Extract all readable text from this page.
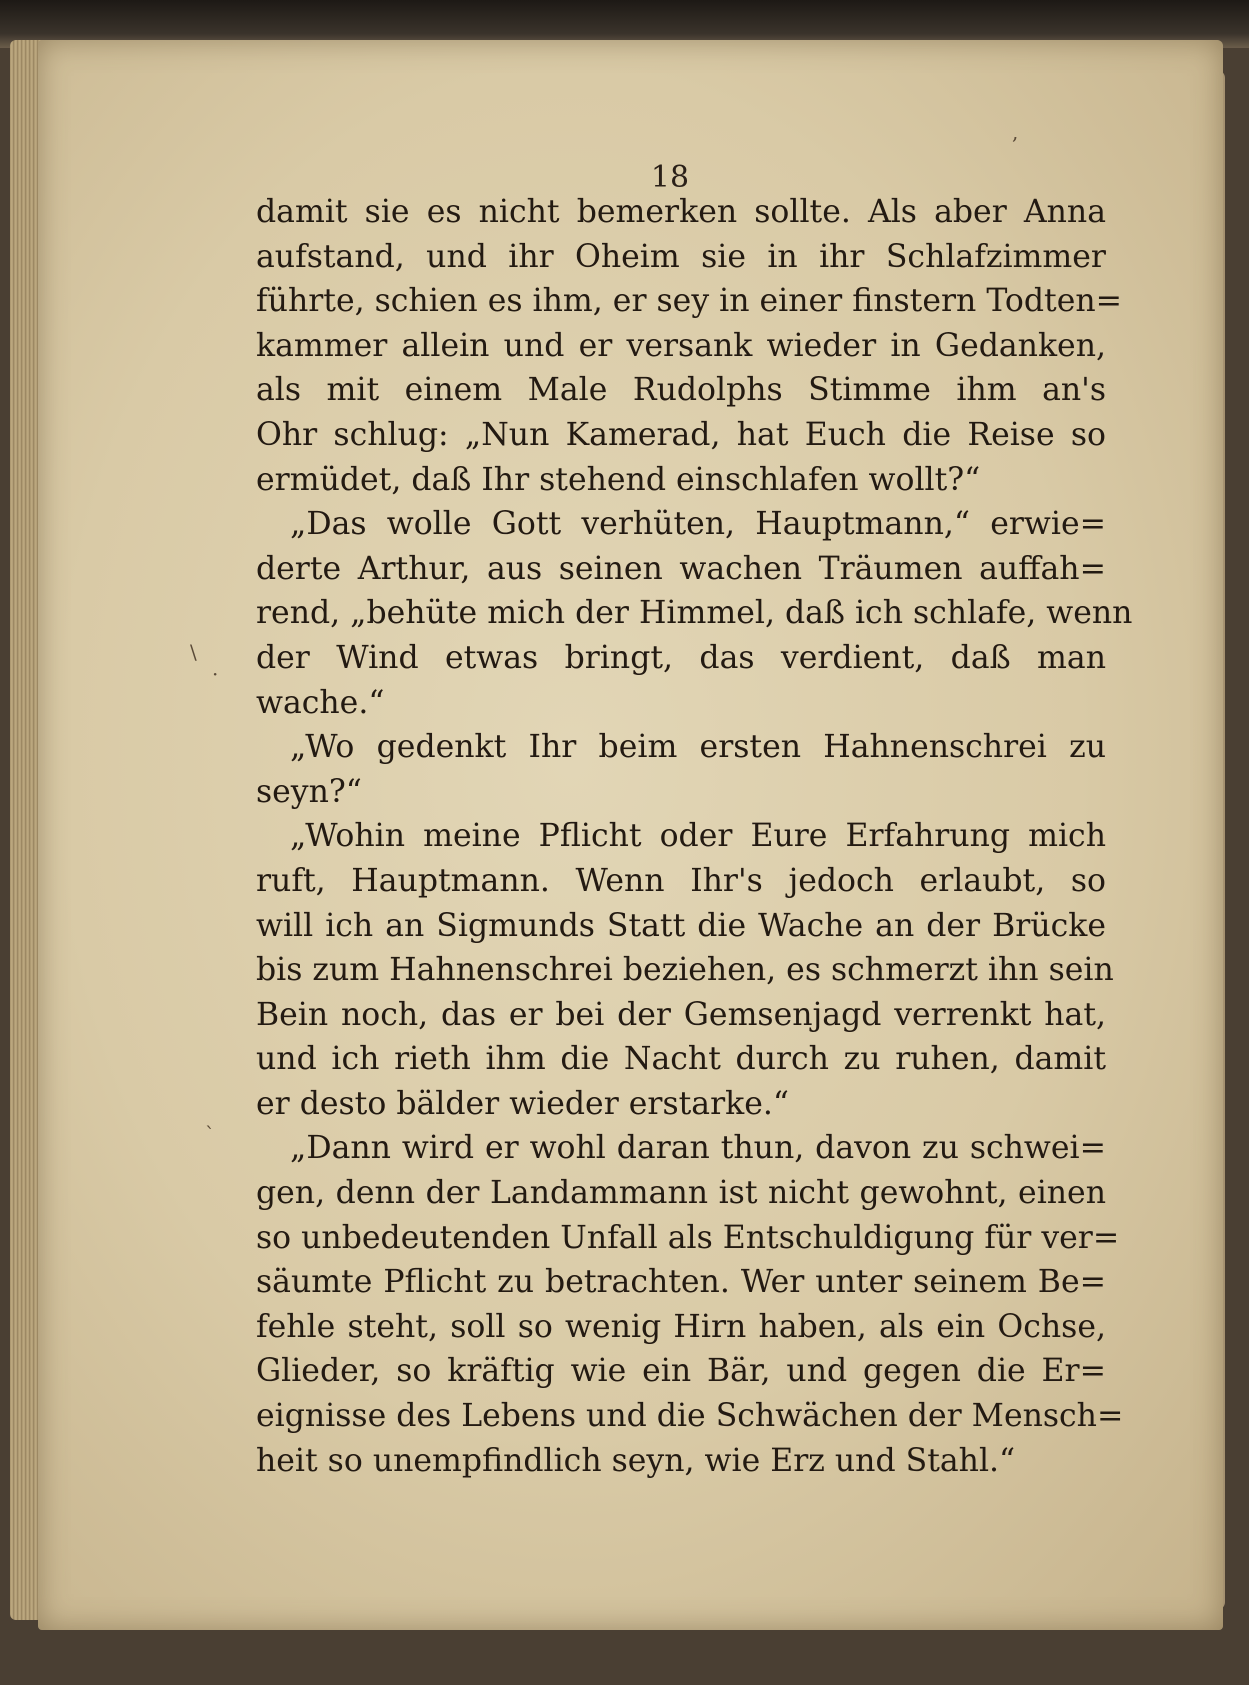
18
damit sie es nicht bemerken sollte. Als aber Anna
aufstand, und ihr Oheim sie in ihr Schlafzimmer
führte, schien es ihm, er sey in einer finstern Todten=
kammer allein und er versank wieder in Gedanken,
als mit einem Male Rudolphs Stimme ihm an's
Ohr schlug: „Nun Kamerad, hat Euch die Reise so
ermüdet, daß Ihr stehend einschlafen wollt?“
„Das wolle Gott verhüten, Hauptmann,“ erwie=
derte Arthur, aus seinen wachen Träumen auffah=
rend, „behüte mich der Himmel, daß ich schlafe, wenn
der Wind etwas bringt, das verdient, daß man
wache.“
„Wo gedenkt Ihr beim ersten Hahnenschrei zu
seyn?“
„Wohin meine Pflicht oder Eure Erfahrung mich
ruft, Hauptmann. Wenn Ihr's jedoch erlaubt, so
will ich an Sigmunds Statt die Wache an der Brücke
bis zum Hahnenschrei beziehen, es schmerzt ihn sein
Bein noch, das er bei der Gemsenjagd verrenkt hat,
und ich rieth ihm die Nacht durch zu ruhen, damit
er desto bälder wieder erstarke.“
„Dann wird er wohl daran thun, davon zu schwei=
gen, denn der Landammann ist nicht gewohnt, einen
so unbedeutenden Unfall als Entschuldigung für ver=
säumte Pflicht zu betrachten. Wer unter seinem Be=
fehle steht, soll so wenig Hirn haben, als ein Ochse,
Glieder, so kräftig wie ein Bär, und gegen die Er=
eignisse des Lebens und die Schwächen der Mensch=
heit so unempfindlich seyn, wie Erz und Stahl.“
\
`
·
,
